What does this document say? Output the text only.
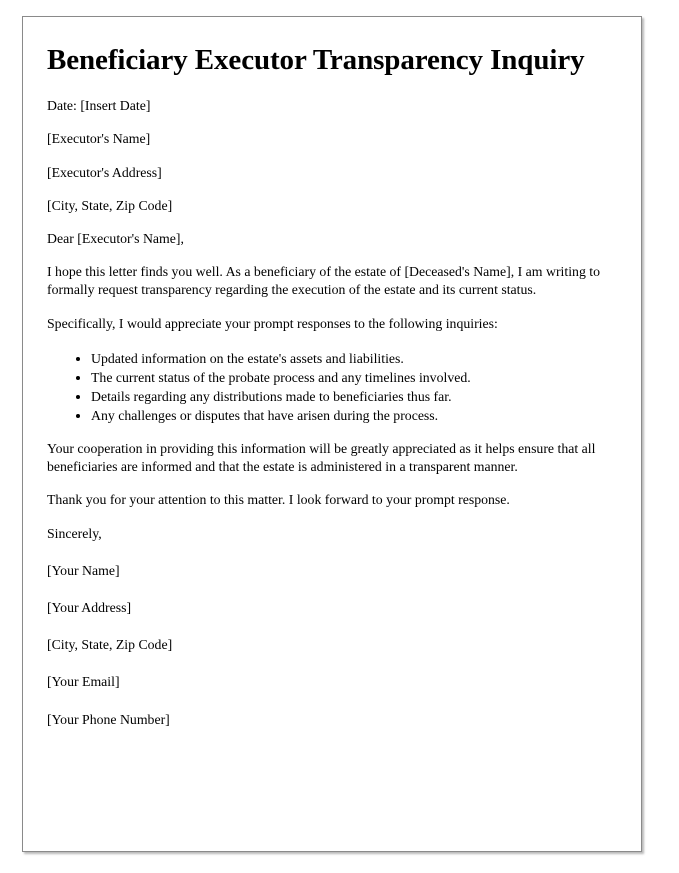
Beneficiary Executor Transparency Inquiry

Date: [Insert Date]

[Executor's Name]

[Executor's Address]

[City, State, Zip Code]

Dear [Executor's Name],

I hope this letter finds you well. As a beneficiary of the estate of [Deceased's Name], I am writing to formally request transparency regarding the execution of the estate and its current status.

Specifically, I would appreciate your prompt responses to the following inquiries:

• Updated information on the estate's assets and liabilities.
• The current status of the probate process and any timelines involved.
• Details regarding any distributions made to beneficiaries thus far.
• Any challenges or disputes that have arisen during the process.

Your cooperation in providing this information will be greatly appreciated as it helps ensure that all beneficiaries are informed and that the estate is administered in a transparent manner.

Thank you for your attention to this matter. I look forward to your prompt response.

Sincerely,

[Your Name]

[Your Address]

[City, State, Zip Code]

[Your Email]

[Your Phone Number]
